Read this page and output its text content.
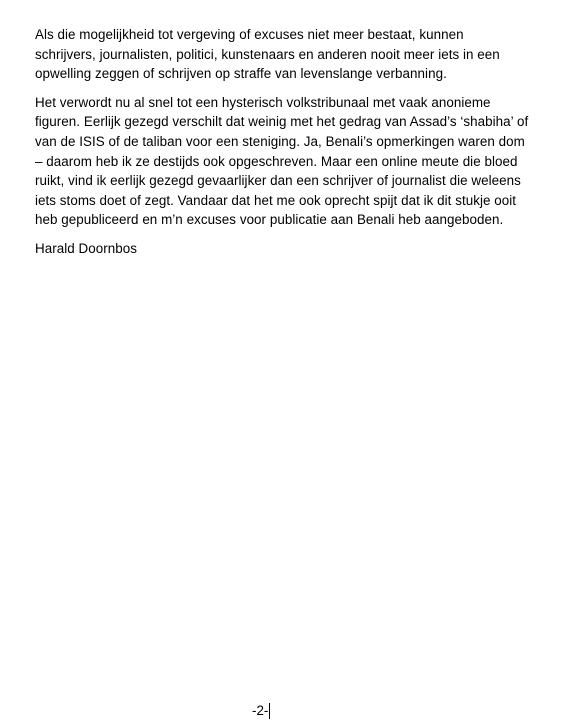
Als die mogelijkheid tot vergeving of excuses niet meer bestaat, kunnen
schrijvers, journalisten, politici, kunstenaars en anderen nooit meer iets in een
opwelling zeggen of schrijven op straffe van levenslange verbanning.

Het verwordt nu al snel tot een hysterisch volkstribunaal met vaak anonieme
figuren. Eerlijk gezegd verschilt dat weinig met het gedrag van Assad’s ‘shabiha’ of
van de ISIS of de taliban voor een steniging. Ja, Benali’s opmerkingen waren dom
– daarom heb ik ze destijds ook opgeschreven. Maar een online meute die bloed
ruikt, vind ik eerlijk gezegd gevaarlijker dan een schrijver of journalist die weleens
iets stoms doet of zegt. Vandaar dat het me ook oprecht spijt dat ik dit stukje ooit
heb gepubliceerd en m’n excuses voor publicatie aan Benali heb aangeboden.

Harald Doornbos

-2-
